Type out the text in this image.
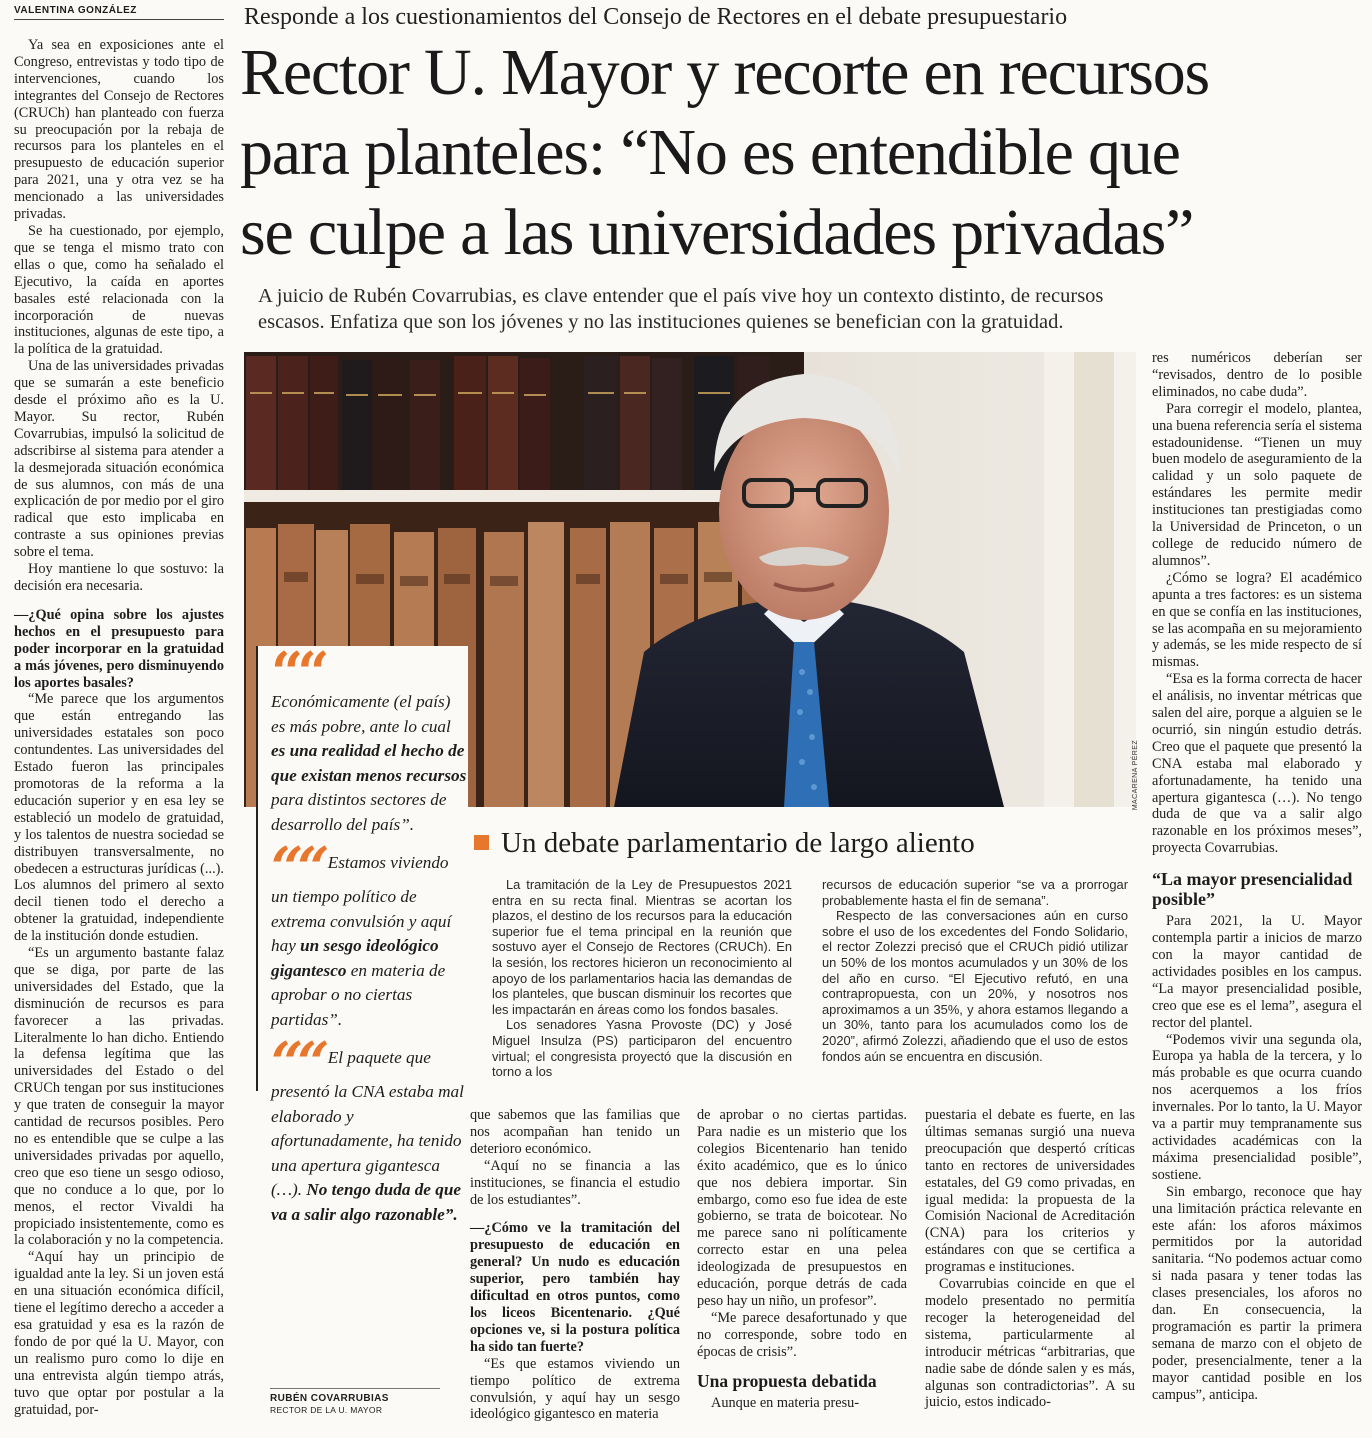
VALENTINA GONZÁLEZ	Responde a los cuestionamientos del Consejo de Rectores en el debate presupuestario
Rector U. Mayor y recorte en recursos
para planteles: “No es entendible que
se culpe a las universidades privadas”
A juicio de Rubén Covarrubias, es clave entender que el país vive hoy un contexto distinto, de recursos
escasos. Enfatiza que son los jóvenes y no las instituciones quienes se benefician con la gratuidad.

Ya sea en exposiciones ante el Congreso, entrevistas y todo tipo de intervenciones, cuando los integrantes del Consejo de Rectores (CRUCh) han planteado con fuerza su preocupación por la rebaja de recursos para los planteles en el presupuesto de educación superior para 2021, una y otra vez se ha mencionado a las universidades privadas.

Se ha cuestionado, por ejemplo, que se tenga el mismo trato con ellas o que, como ha señalado el Ejecutivo, la caída en aportes basales esté relacionada con la incorporación de nuevas instituciones, algunas de este tipo, a la política de la gratuidad.

Una de las universidades privadas que se sumarán a este beneficio desde el próximo año es la U. Mayor. Su rector, Rubén Covarrubias, impulsó la solicitud de adscribirse al sistema para atender a la desmejorada situación económica de sus alumnos, con más de una explicación de por medio por el giro radical que esto implicaba en contraste a sus opiniones previas sobre el tema.

Hoy mantiene lo que sostuvo: la decisión era necesaria.

—¿Qué opina sobre los ajustes hechos en el presupuesto para poder incorporar en la gratuidad a más jóvenes, pero disminuyendo los aportes basales?

“Me parece que los argumentos que están entregando las universidades estatales son poco contundentes. Las universidades del Estado fueron las principales promotoras de la reforma a la educación superior y en esa ley se estableció un modelo de gratuidad, y los talentos de nuestra sociedad se distribuyen transversalmente, no obedecen a estructuras jurídicas (...). Los alumnos del primero al sexto decil tienen todo el derecho a obtener la gratuidad, independiente de la institución donde estudien.

“Es un argumento bastante falaz que se diga, por parte de las universidades del Estado, que la disminución de recursos es para favorecer a las privadas. Literalmente lo han dicho. Entiendo la defensa legítima que las universidades del Estado o del CRUCh tengan por sus instituciones y que traten de conseguir la mayor cantidad de recursos posibles. Pero no es entendible que se culpe a las universidades privadas por aquello, creo que eso tiene un sesgo odioso, que no conduce a lo que, por lo menos, el rector Vivaldi ha propiciado insistentemente, como es la colaboración y no la competencia.

“Aquí hay un principio de igualdad ante la ley. Si un joven está en una situación económica difícil, tiene el legítimo derecho a acceder a esa gratuidad y esa es la razón de fondo de por qué la U. Mayor, con un realismo puro como lo dije en una entrevista algún tiempo atrás, tuvo que optar por postular a la gratuidad, por-

MACARENA PÉREZ
““

Económicamente (el país) es más pobre, ante lo cual es una realidad el hecho de que existan menos recursos para distintos sectores de desarrollo del país”.

““ Estamos viviendo un tiempo político de extrema convulsión y aquí hay un sesgo ideológico gigantesco en materia de aprobar o no ciertas partidas”.

““ El paquete que presentó la CNA estaba mal elaborado y afortunadamente, ha tenido una apertura gigantesca (…). No tengo duda de que va a salir algo razonable”.

RUBÉN COVARRUBIAS
RECTOR DE LA U. MAYOR
Un debate parlamentario de largo aliento

La tramitación de la Ley de Presupuestos 2021 entra en su recta final. Mientras se acortan los plazos, el destino de los recursos para la educación superior fue el tema principal en la reunión que sostuvo ayer el Consejo de Rectores (CRUCh). En la sesión, los rectores hicieron un reconocimiento al apoyo de los parlamentarios hacia las demandas de los planteles, que buscan disminuir los recortes que les impactarán en áreas como los fondos basales.

Los senadores Yasna Provoste (DC) y José Miguel Insulza (PS) participaron del encuentro virtual; el congresista proyectó que la discusión en torno a los

recursos de educación superior “se va a prorrogar probablemente hasta el fin de semana”.

Respecto de las conversaciones aún en curso sobre el uso de los excedentes del Fondo Solidario, el rector Zolezzi precisó que el CRUCh pidió utilizar un 50% de los montos acumulados y un 30% de los del año en curso. “El Ejecutivo refutó, en una contrapropuesta, con un 20%, y nosotros nos aproximamos a un 35%, y ahora estamos llegando a un 30%, tanto para los acumulados como los de 2020”, afirmó Zolezzi, añadiendo que el uso de estos fondos aún se encuentra en discusión.

que sabemos que las familias que nos acompañan han tenido un deterioro económico.

“Aquí no se financia a las instituciones, se financia el estudio de los estudiantes”.

—¿Cómo ve la tramitación del presupuesto de educación en general? Un nudo es educación superior, pero también hay dificultad en otros puntos, como los liceos Bicentenario. ¿Qué opciones ve, si la postura política ha sido tan fuerte?

“Es que estamos viviendo un tiempo político de extrema convulsión, y aquí hay un sesgo ideológico gigantesco en materia

de aprobar o no ciertas partidas. Para nadie es un misterio que los colegios Bicentenario han tenido éxito académico, que es lo único que nos debiera importar. Sin embargo, como eso fue idea de este gobierno, se trata de boicotear. No me parece sano ni políticamente correcto estar en una pelea ideologizada de presupuestos en educación, porque detrás de cada peso hay un niño, un profesor”.

“Me parece desafortunado y que no corresponde, sobre todo en épocas de crisis”.

Una propuesta debatida

Aunque en materia presu-

puestaria el debate es fuerte, en las últimas semanas surgió una nueva preocupación que despertó críticas tanto en rectores de universidades estatales, del G9 como privadas, en igual medida: la propuesta de la Comisión Nacional de Acreditación (CNA) para los criterios y estándares con que se certifica a programas e instituciones.

Covarrubias coincide en que el modelo presentado no permitía recoger la heterogeneidad del sistema, particularmente al introducir métricas “arbitrarias, que nadie sabe de dónde salen y es más, algunas son contradictorias”. A su juicio, estos indicado-

res numéricos deberían ser “revisados, dentro de lo posible eliminados, no cabe duda”.

Para corregir el modelo, plantea, una buena referencia sería el sistema estadounidense. “Tienen un muy buen modelo de aseguramiento de la calidad y un solo paquete de estándares les permite medir instituciones tan prestigiadas como la Universidad de Princeton, o un college de reducido número de alumnos”.

¿Cómo se logra? El académico apunta a tres factores: es un sistema en que se confía en las instituciones, se las acompaña en su mejoramiento y además, se les mide respecto de sí mismas.

“Esa es la forma correcta de hacer el análisis, no inventar métricas que salen del aire, porque a alguien se le ocurrió, sin ningún estudio detrás. Creo que el paquete que presentó la CNA estaba mal elaborado y afortunadamente, ha tenido una apertura gigantesca (…). No tengo duda de que va a salir algo razonable en los próximos meses”, proyecta Covarrubias.

“La mayor presencialidad posible”

Para 2021, la U. Mayor contempla partir a inicios de marzo con la mayor cantidad de actividades posibles en los campus. “La mayor presencialidad posible, creo que ese es el lema”, asegura el rector del plantel.

“Podemos vivir una segunda ola, Europa ya habla de la tercera, y lo más probable es que ocurra cuando nos acerquemos a los fríos invernales. Por lo tanto, la U. Mayor va a partir muy tempranamente sus actividades académicas con la máxima presencialidad posible”, sostiene.

Sin embargo, reconoce que hay una limitación práctica relevante en este afán: los aforos máximos permitidos por la autoridad sanitaria. “No podemos actuar como si nada pasara y tener todas las clases presenciales, los aforos no dan. En consecuencia, la programación es partir la primera semana de marzo con el objeto de poder, presencialmente, tener a la mayor cantidad posible en los campus”, anticipa.
